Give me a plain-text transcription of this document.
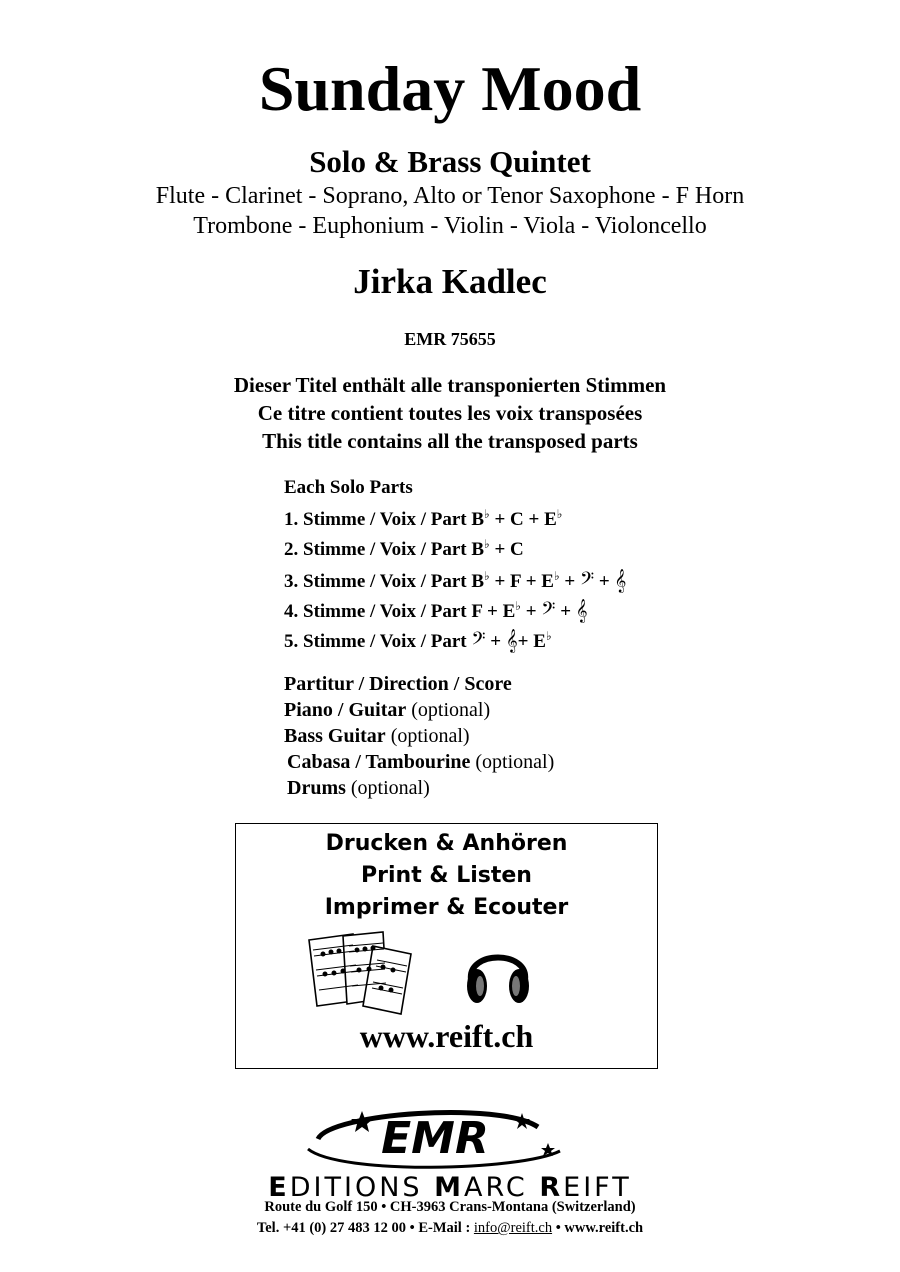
Sunday Mood
Solo & Brass Quintet
Flute - Clarinet - Soprano, Alto or Tenor Saxophone - F Horn
Trombone - Euphonium - Violin - Viola - Violoncello
Jirka Kadlec
EMR 75655
Dieser Titel enthält alle transponierten Stimmen
Ce titre contient toutes les voix transposées
This title contains all the transposed parts
Each Solo Parts
1. Stimme / Voix / Part B♭ + C + E♭
2. Stimme / Voix / Part B♭ + C
3. Stimme / Voix / Part B♭ + F + E♭ + 𝄢 + 𝄞
4. Stimme / Voix / Part F + E♭ + 𝄢 + 𝄞
5. Stimme / Voix / Part 𝄢 + 𝄞+ E♭
Partitur / Direction / Score
Piano / Guitar (optional)
Bass Guitar (optional)
Cabasa / Tambourine (optional)
Drums (optional)
Drucken & Anhören
Print & Listen
Imprimer & Ecouter
www.reift.ch
EMR
EDITIONS MARC REIFT
Route du Golf 150 • CH-3963 Crans-Montana (Switzerland)
Tel. +41 (0) 27 483 12 00 • E-Mail : info@reift.ch • www.reift.ch
